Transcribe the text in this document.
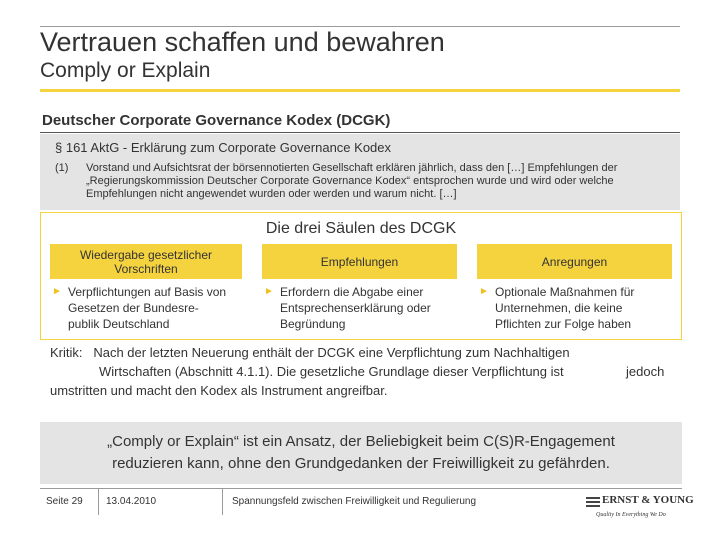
Vertrauen schaffen und bewahren
Comply or Explain
Deutscher Corporate Governance Kodex (DCGK)
§ 161 AktG - Erklärung zum Corporate Governance Kodex
(1) Vorstand und Aufsichtsrat der börsennotierten Gesellschaft erklären jährlich, dass den […] Empfehlungen der
„Regierungskommission Deutscher Corporate Governance Kodex“ entsprochen wurde und wird oder welche
Empfehlungen nicht angewendet wurden oder werden und warum nicht. […]
Die drei Säulen des DCGK
Wiedergabe gesetzlicher
Vorschriften	Empfehlungen	Anregungen
► Verpflichtungen auf Basis von
Gesetzen der Bundesre-
publik Deutschland
► Erfordern die Abgabe einer
Entsprechenserklärung oder
Begründung
► Optionale Maßnahmen für
Unternehmen, die keine
Pflichten zur Folge haben
Kritik:   Nach der letzten Neuerung enthält der DCGK eine Verpflichtung zum Nachhaltigen
Wirtschaften (Abschnitt 4.1.1). Die gesetzliche Grundlage dieser Verpflichtung ist	jedoch
umstritten und macht den Kodex als Instrument angreifbar.
„Comply or Explain“ ist ein Ansatz, der Beliebigkeit beim C(S)R-Engagement
reduzieren kann, ohne den Grundgedanken der Freiwilligkeit zu gefährden.
Seite 29 13.04.2010	Spannungsfeld zwischen Freiwilligkeit und Regulierung	ERNST & YOUNG
Quality In Everything We Do
